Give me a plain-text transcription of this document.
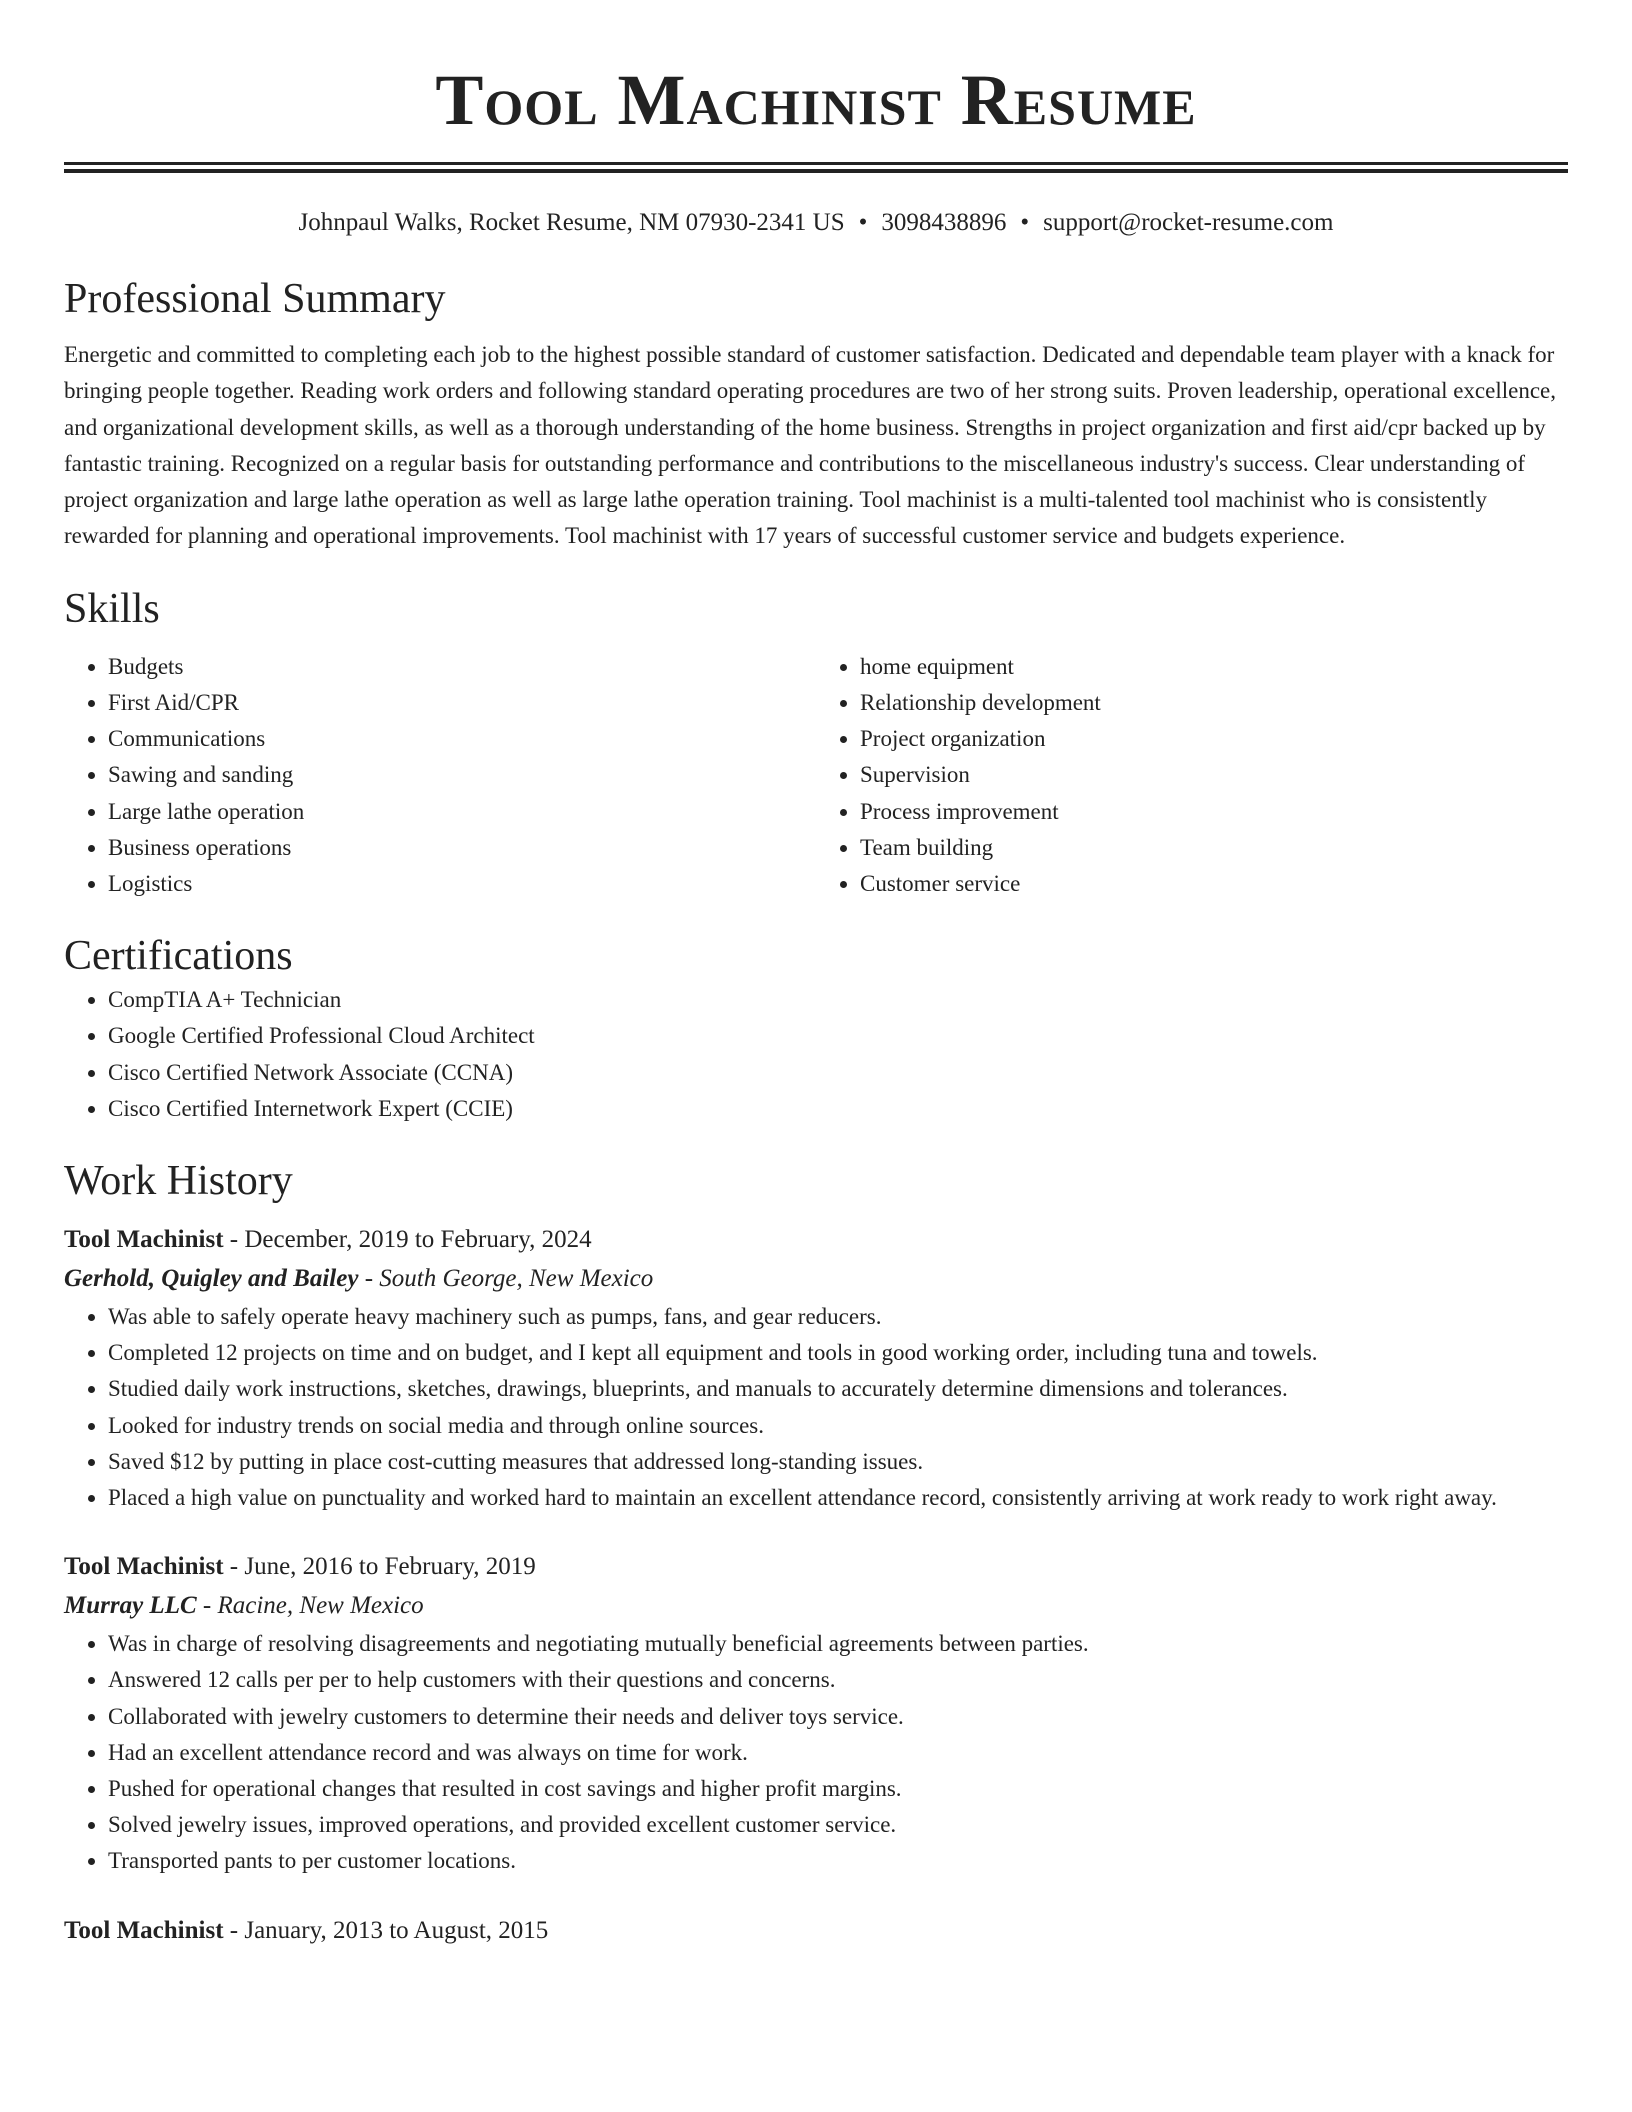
Tool Machinist Resume
Johnpaul Walks, Rocket Resume, NM 07930-2341 US • 3098438896 • support@rocket-resume.com
Professional Summary

Energetic and committed to completing each job to the highest possible standard of customer satisfaction. Dedicated and dependable team player with a knack for bringing people together. Reading work orders and following standard operating procedures are two of her strong suits. Proven leadership, operational excellence, and organizational development skills, as well as a thorough understanding of the home business. Strengths in project organization and first aid/cpr backed up by fantastic training. Recognized on a regular basis for outstanding performance and contributions to the miscellaneous industry's success. Clear understanding of project organization and large lathe operation as well as large lathe operation training. Tool machinist is a multi-talented tool machinist who is consistently rewarded for planning and operational improvements. Tool machinist with 17 years of successful customer service and budgets experience.

Skills
• Budgets
• First Aid/CPR
• Communications
• Sawing and sanding
• Large lathe operation
• Business operations
• Logistics
• home equipment
• Relationship development
• Project organization
• Supervision
• Process improvement
• Team building
• Customer service
Certifications
• CompTIA A+ Technician
• Google Certified Professional Cloud Architect
• Cisco Certified Network Associate (CCNA)
• Cisco Certified Internetwork Expert (CCIE)
Work History
Tool Machinist - December, 2019 to February, 2024
Gerhold, Quigley and Bailey - South George, New Mexico
• Was able to safely operate heavy machinery such as pumps, fans, and gear reducers.
• Completed 12 projects on time and on budget, and I kept all equipment and tools in good working order, including tuna and towels.
• Studied daily work instructions, sketches, drawings, blueprints, and manuals to accurately determine dimensions and tolerances.
• Looked for industry trends on social media and through online sources.
• Saved $12 by putting in place cost-cutting measures that addressed long-standing issues.
• Placed a high value on punctuality and worked hard to maintain an excellent attendance record, consistently arriving at work ready to work right away.
Tool Machinist - June, 2016 to February, 2019
Murray LLC - Racine, New Mexico
• Was in charge of resolving disagreements and negotiating mutually beneficial agreements between parties.
• Answered 12 calls per per to help customers with their questions and concerns.
• Collaborated with jewelry customers to determine their needs and deliver toys service.
• Had an excellent attendance record and was always on time for work.
• Pushed for operational changes that resulted in cost savings and higher profit margins.
• Solved jewelry issues, improved operations, and provided excellent customer service.
• Transported pants to per customer locations.
Tool Machinist - January, 2013 to August, 2015
